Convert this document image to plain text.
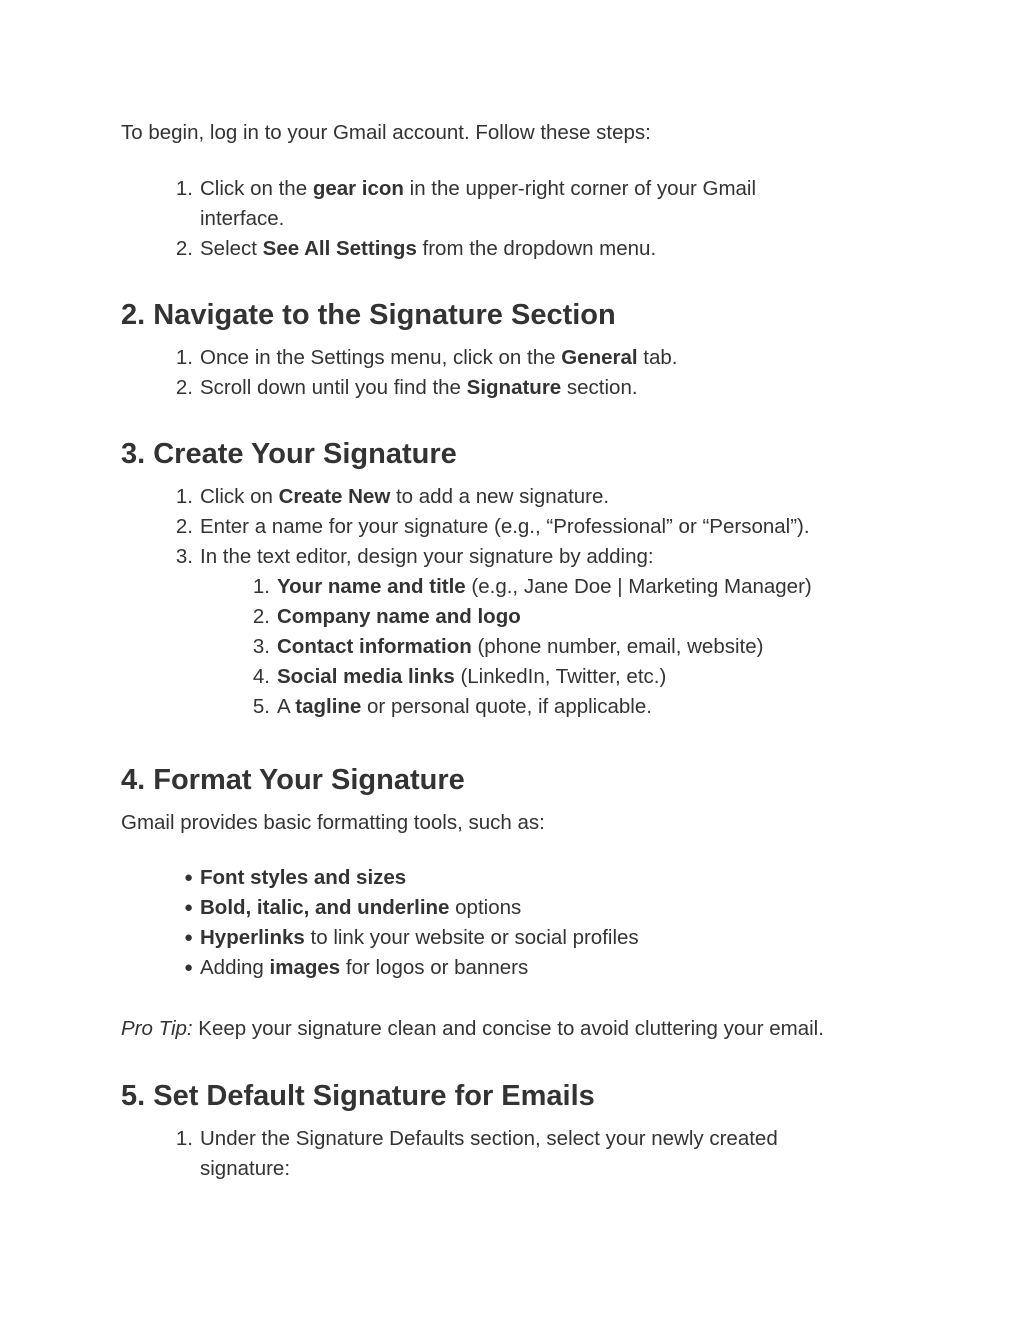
To begin, log in to your Gmail account. Follow these steps:

1. Click on the gear icon in the upper-right corner of your Gmail
interface.
2. Select See All Settings from the dropdown menu.
2. Navigate to the Signature Section
1. Once in the Settings menu, click on the General tab.
2. Scroll down until you find the Signature section.
3. Create Your Signature
1. Click on Create New to add a new signature.
2. Enter a name for your signature (e.g., “Professional” or “Personal”).
3. In the text editor, design your signature by adding:
1. Your name and title (e.g., Jane Doe | Marketing Manager)
2. Company name and logo
3. Contact information (phone number, email, website)
4. Social media links (LinkedIn, Twitter, etc.)
5. A tagline or personal quote, if applicable.
4. Format Your Signature

Gmail provides basic formatting tools, such as:

● Font styles and sizes
● Bold, italic, and underline options
● Hyperlinks to link your website or social profiles
● Adding images for logos or banners

Pro Tip: Keep your signature clean and concise to avoid cluttering your email.

5. Set Default Signature for Emails
1. Under the Signature Defaults section, select your newly created
signature:
